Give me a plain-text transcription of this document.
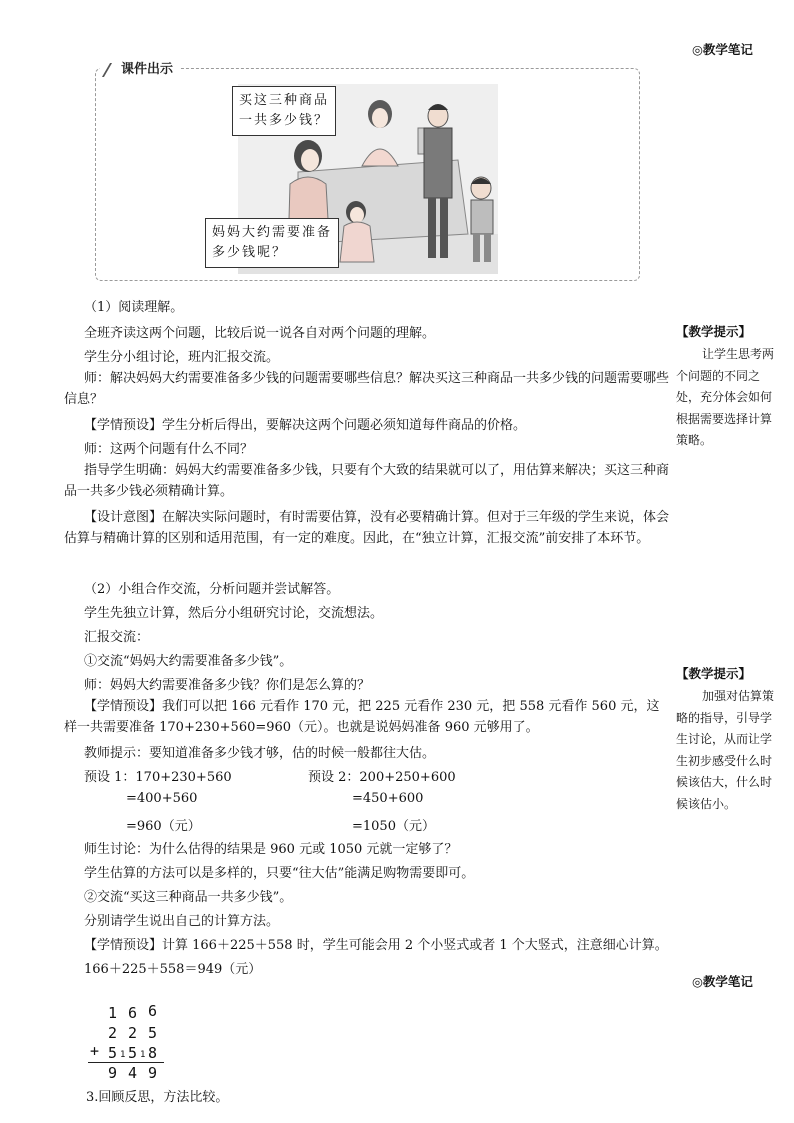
◎教学笔记
课件出示
买这三种商品
一共多少钱？
妈妈大约需要准备
多少钱呢？
（1）阅读理解。
全班齐读这两个问题，比较后说一说各自对两个问题的理解。
学生分小组讨论，班内汇报交流。
师：解决妈妈大约需要准备多少钱的问题需要哪些信息？解决买这三种商品一共多少钱的问题需要哪些信息？
【学情预设】学生分析后得出，要解决这两个问题必须知道每件商品的价格。
师：这两个问题有什么不同？
指导学生明确：妈妈大约需要准备多少钱，只要有个大致的结果就可以了，用估算来解决；买这三种商品一共多少钱必须精确计算。
【设计意图】在解决实际问题时，有时需要估算，没有必要精确计算。但对于三年级的学生来说，体会估算与精确计算的区别和适用范围，有一定的难度。因此，在“独立计算，汇报交流”前安排了本环节。
（2）小组合作交流，分析问题并尝试解答。
学生先独立计算，然后分小组研究讨论，交流想法。
汇报交流：
①交流“妈妈大约需要准备多少钱”。
师：妈妈大约需要准备多少钱？你们是怎么算的？
【学情预设】我们可以把 166 元看作 170 元，把 225 元看作 230 元，把 558 元看作 560 元，这样一共需要准备 170+230+560=960（元）。也就是说妈妈准备 960 元够用了。
教师提示：要知道准备多少钱才够，估的时候一般都往大估。
预设 1：170+230+560
=400+560
=960（元）
预设 2：200+250+600
=450+600
=1050（元）
师生讨论：为什么估得的结果是 960 元或 1050 元就一定够了？
学生估算的方法可以是多样的，只要“往大估”能满足购物需要即可。
②交流“买这三种商品一共多少钱”。
分别请学生说出自己的计算方法。
【学情预设】计算 166＋225＋558 时，学生可能会用 2 个小竖式或者 1 个大竖式，注意细心计算。
166＋225＋558＝949（元）
◎教学笔记
1 6 6
2 2 5
+ 5 1 5 1 8
9 4 9
3.回顾反思，方法比较。
【教学提示】
让学生思考两个问题的不同之处，充分体会如何根据需要选择计算策略。
【教学提示】
加强对估算策略的指导，引导学生讨论，从而让学生初步感受什么时候该估大，什么时候该估小。
